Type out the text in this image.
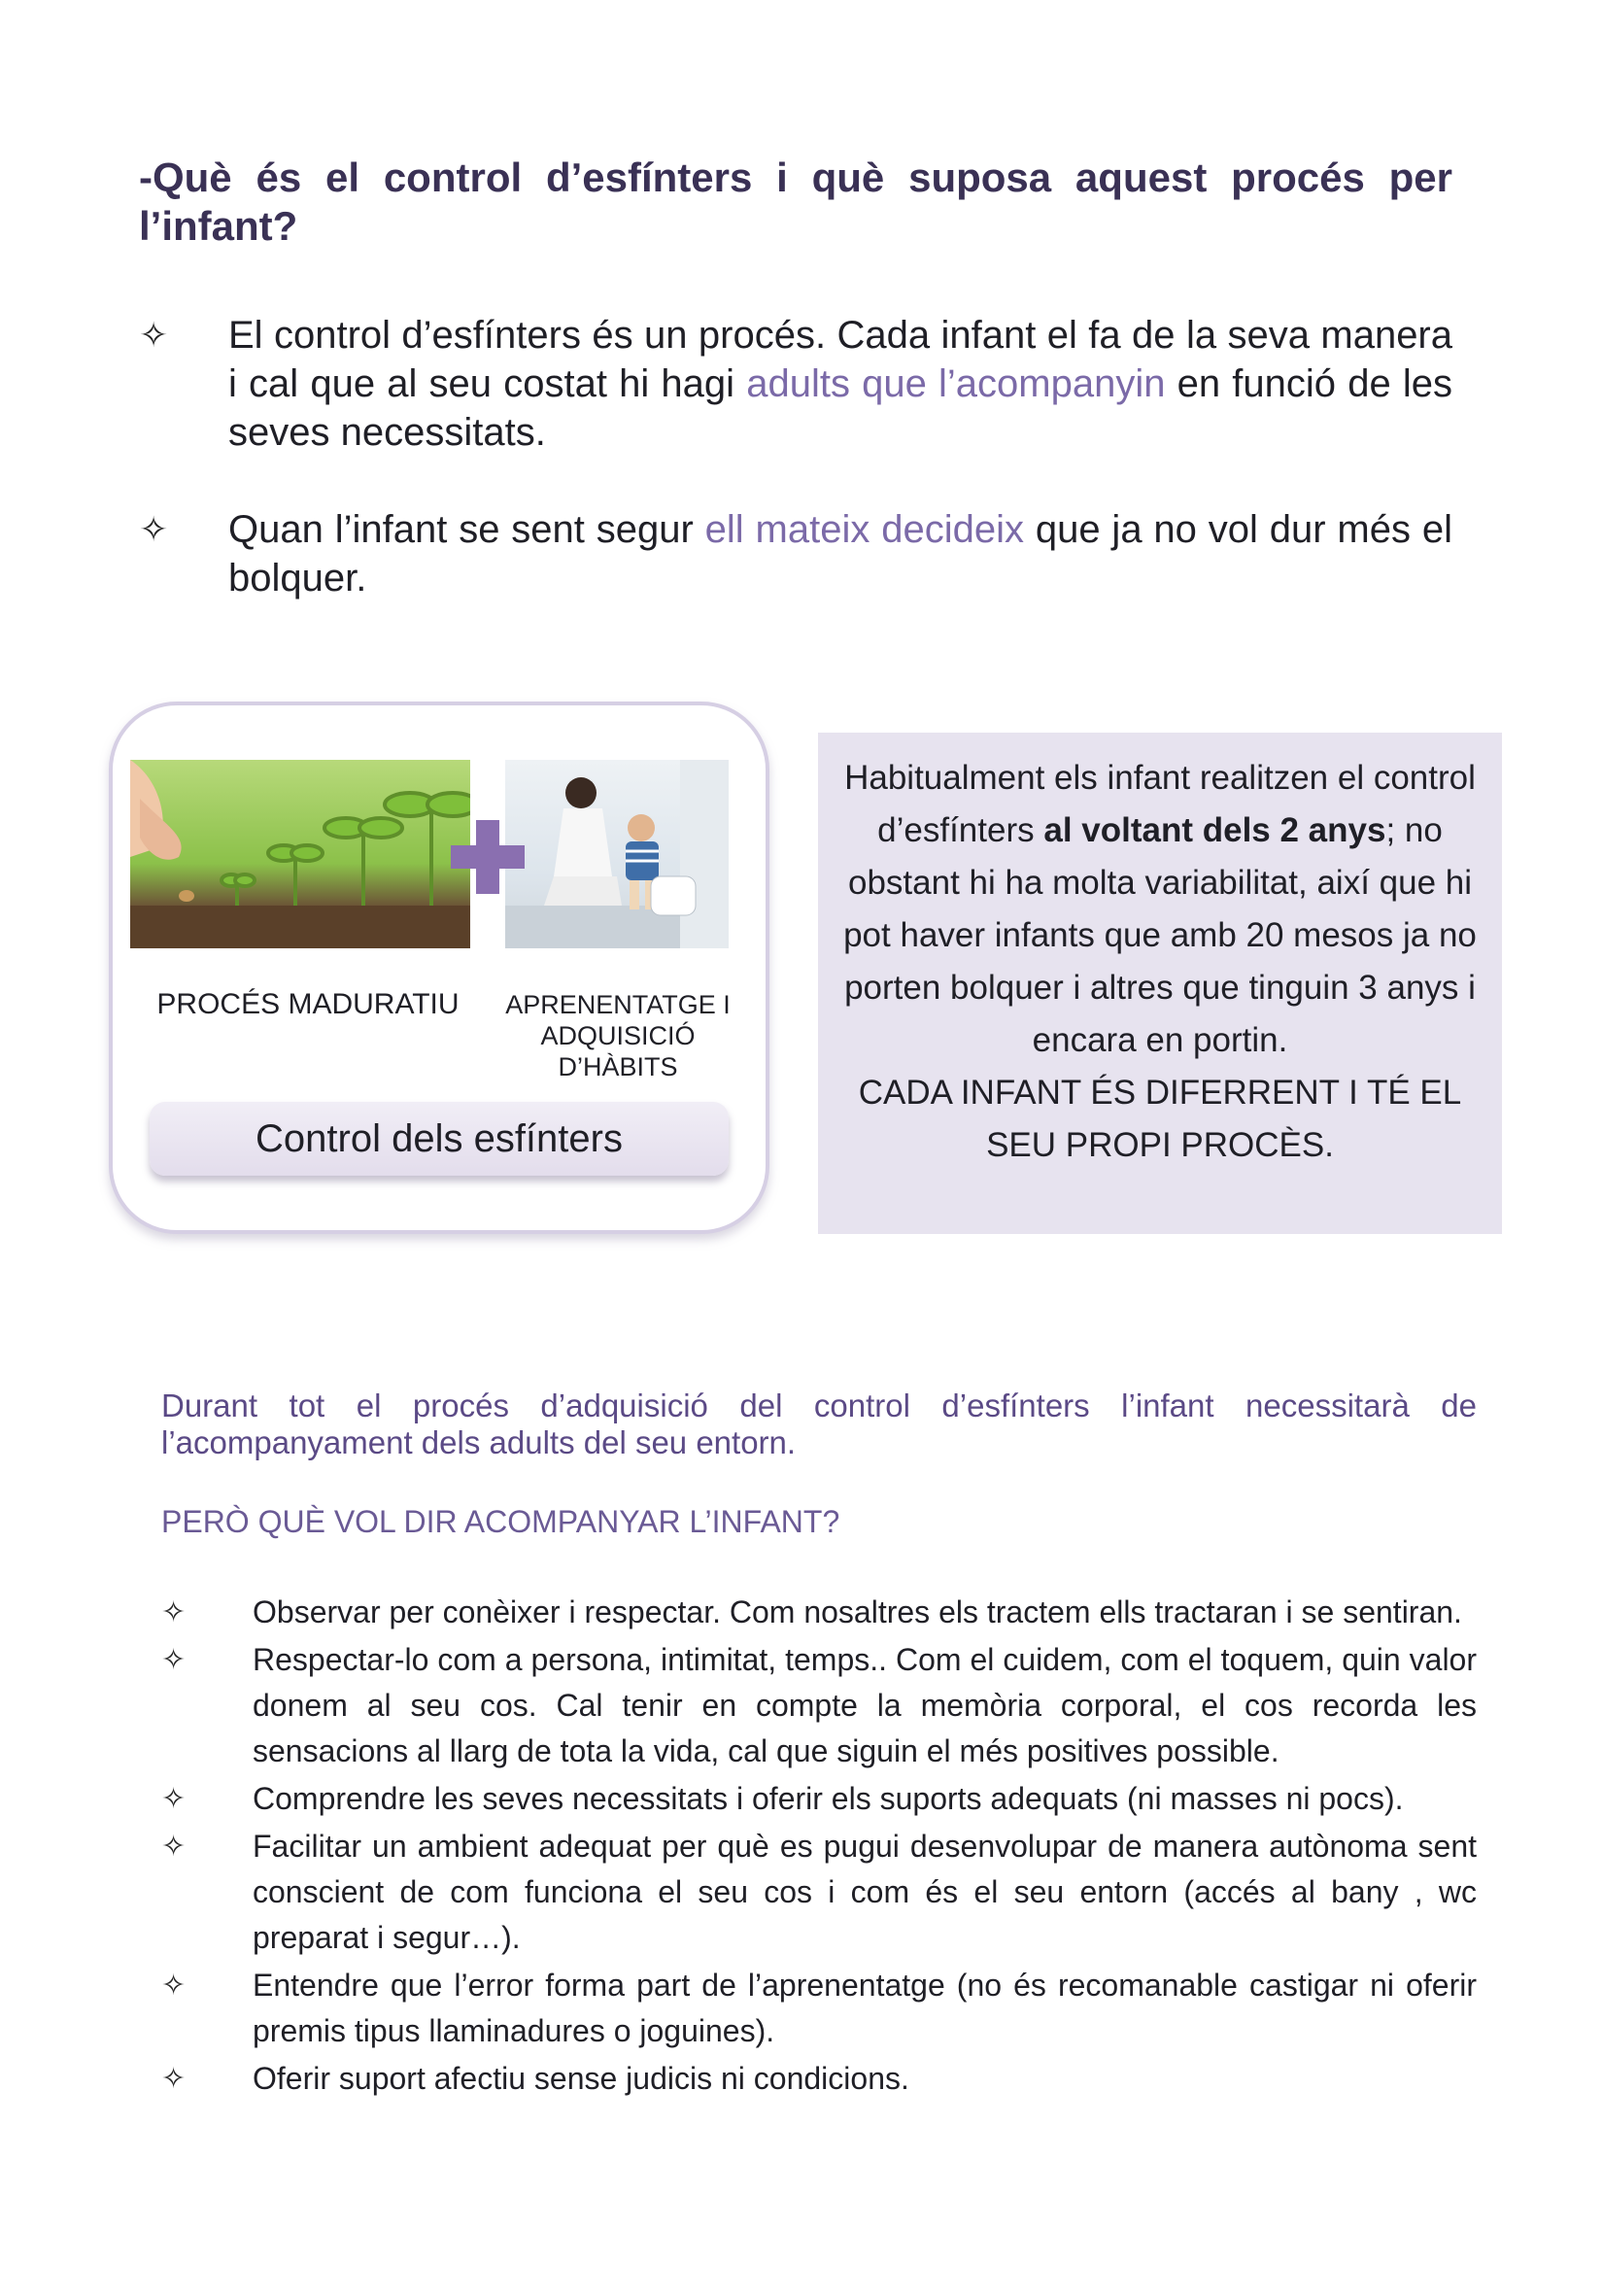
-Què és el control d’esfínters i què suposa aquest procés per l’infant?
✧ El control d’esfínters és un procés. Cada infant el fa de la seva manera i cal que al seu costat hi hagi adults que l’acompanyin en funció de les seves necessitats.
✧ Quan l’infant se sent segur ell mateix decideix que ja no vol dur més el bolquer.
PROCÉS MADURATIU	APRENENTATGE I ADQUISICIÓ D’HÀBITS
Control dels esfínters
Habitualment els infant realitzen el control d’esfínters al voltant dels 2 anys; no obstant hi ha molta variabilitat, així que hi pot haver infants que amb 20 mesos ja no porten bolquer i altres que tinguin 3 anys i encara en portin.
CADA INFANT ÉS DIFERRENT I TÉ EL SEU PROPI PROCÈS.
Durant tot el procés d’adquisició del control d’esfínters l’infant necessitarà de l’acompanyament dels adults del seu entorn.
PERÒ QUÈ VOL DIR ACOMPANYAR L’INFANT?
✧ Observar per conèixer i respectar. Com nosaltres els tractem ells tractaran i se sentiran.
✧ Respectar-lo com a persona, intimitat, temps.. Com el cuidem, com el toquem, quin valor donem al seu cos. Cal tenir en compte la memòria corporal, el cos recorda les sensacions al llarg de tota la vida, cal que siguin el més positives possible.
✧ Comprendre les seves necessitats i oferir els suports adequats (ni masses ni pocs).
✧ Facilitar un ambient adequat per què es pugui desenvolupar de manera autònoma sent conscient de com funciona el seu cos i com és el seu entorn (accés al bany , wc preparat i segur…).
✧ Entendre que l’error forma part de l’aprenentatge (no és recomanable castigar ni oferir premis tipus llaminadures o joguines).
✧ Oferir suport afectiu sense judicis ni condicions.
